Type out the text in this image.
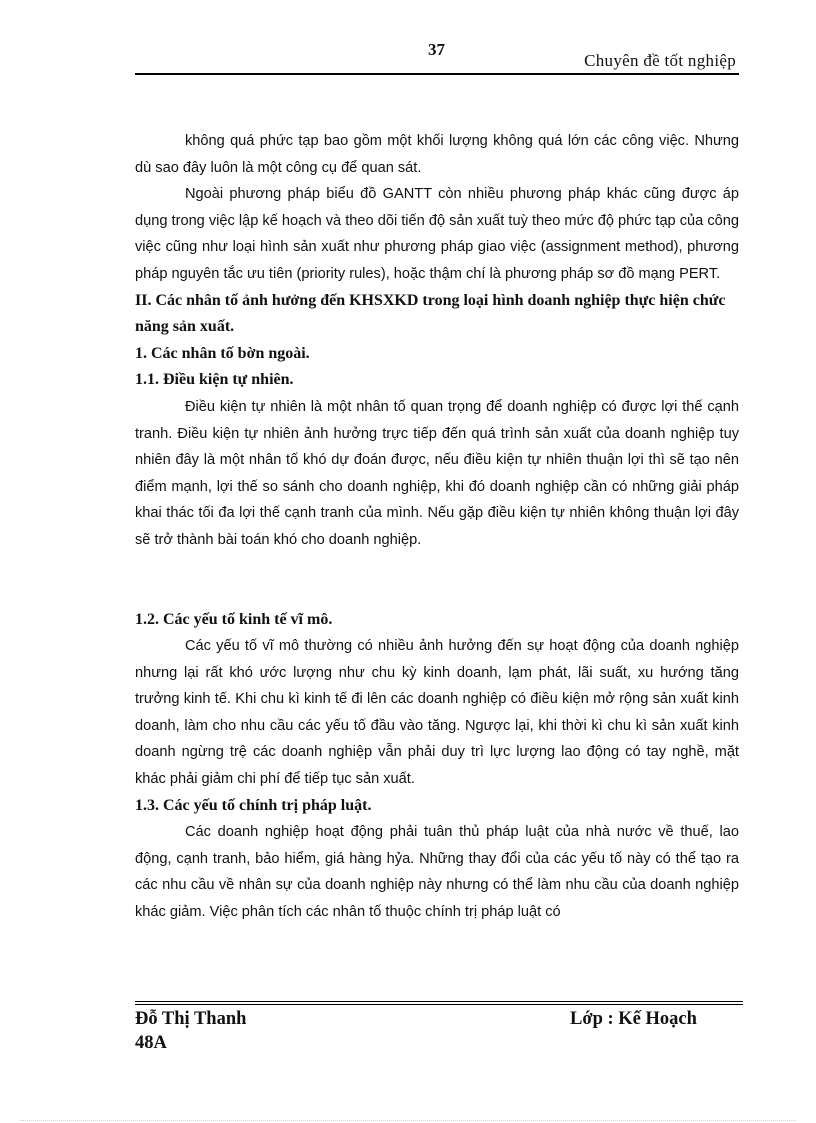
37
Chuyên đề tốt nghiệp

không quá phức tạp bao gồm một khối lượng không quá lớn các công việc. Nhưng dù sao đây luôn là một công cụ để quan sát.

Ngoài phương pháp biểu đồ GANTT còn nhiều phương pháp khác cũng được áp dụng trong việc lập kế hoạch và theo dõi tiến độ sản xuất tuỳ theo mức độ phức tạp của công việc cũng như loại hình sản xuất như phương pháp giao việc (assignment method), phương pháp nguyên tắc ưu tiên (priority rules), hoặc thậm chí là phương pháp sơ đồ mạng PERT.

II. Các nhân tố ảnh hưởng đến KHSXKD trong loại hình doanh nghiệp thực hiện chức năng sản xuất.

1. Các nhân tố bờn ngoài.

1.1. Điều kiện tự nhiên.

Điều kiện tự nhiên là một nhân tố quan trọng để doanh nghiệp có được lợi thế cạnh tranh. Điều kiện tự nhiên ảnh hưởng trực tiếp đến quá trình sản xuất của doanh nghiệp tuy nhiên đây là một nhân tố khó dự đoán được, nếu điều kiện tự nhiên thuận lợi thì sẽ tạo nên điểm mạnh, lợi thế so sánh cho doanh nghiệp, khi đó doanh nghiệp cần có những giải pháp khai thác tối đa lợi thế cạnh tranh của mình. Nếu gặp điều kiện tự nhiên không thuận lợi đây sẽ trở thành bài toán khó cho doanh nghiệp.

1.2. Các yếu tố kinh tế vĩ mô.

Các yếu tố vĩ mô thường có nhiều ảnh hưởng đến sự hoạt động của doanh nghiệp nhưng lại rất khó ước lượng như chu kỳ kinh doanh, lạm phát, lãi suất, xu hướng tăng trưởng kinh tế. Khi chu kì kinh tế đi lên các doanh nghiệp có điều kiện mở rộng sản xuất kinh doanh, làm cho nhu cầu các yếu tố đầu vào tăng. Ngược lại, khi thời kì chu kì sản xuất kinh doanh ngừng trệ các doanh nghiệp vẫn phải duy trì lực lượng lao động có tay nghề, mặt khác phải giảm chi phí để tiếp tục sản xuất.

1.3. Các yếu tố chính trị pháp luật.

Các doanh nghiệp hoạt động phải tuân thủ pháp luật của nhà nước về thuế, lao động, cạnh tranh, bảo hiểm, giá hàng hỷa. Những thay đổi của các yếu tố này có thể tạo ra các nhu cầu về nhân sự của doanh nghiệp này nhưng có thể làm nhu cầu của doanh nghiệp khác giảm. Việc phân tích các nhân tố thuộc chính trị pháp luật có

Đỗ Thị Thanh
48A
Lớp : Kế Hoạch
